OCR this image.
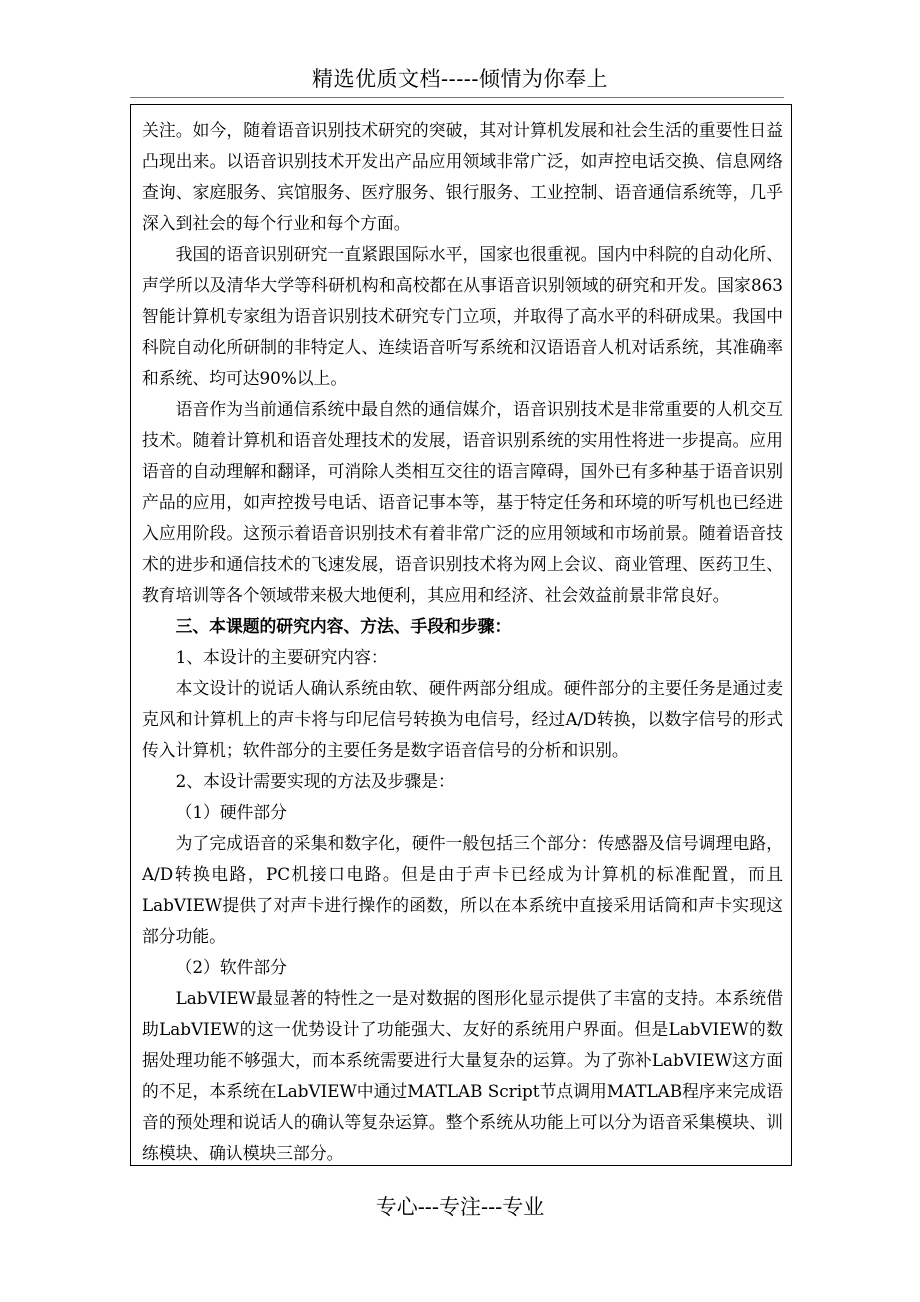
精选优质文档-----倾情为你奉上

关注。如今，随着语音识别技术研究的突破，其对计算机发展和社会生活的重要性日益凸现出来。以语音识别技术开发出产品应用领域非常广泛，如声控电话交换、信息网络查询、家庭服务、宾馆服务、医疗服务、银行服务、工业控制、语音通信系统等，几乎深入到社会的每个行业和每个方面。

我国的语音识别研究一直紧跟国际水平，国家也很重视。国内中科院的自动化所、声学所以及清华大学等科研机构和高校都在从事语音识别领域的研究和开发。国家863智能计算机专家组为语音识别技术研究专门立项，并取得了高水平的科研成果。我国中科院自动化所研制的非特定人、连续语音听写系统和汉语语音人机对话系统，其准确率和系统、均可达90%以上。

语音作为当前通信系统中最自然的通信媒介，语音识别技术是非常重要的人机交互技术。随着计算机和语音处理技术的发展，语音识别系统的实用性将进一步提高。应用语音的自动理解和翻译，可消除人类相互交往的语言障碍，国外已有多种基于语音识别产品的应用，如声控拨号电话、语音记事本等，基于特定任务和环境的听写机也已经进入应用阶段。这预示着语音识别技术有着非常广泛的应用领域和市场前景。随着语音技术的进步和通信技术的飞速发展，语音识别技术将为网上会议、商业管理、医药卫生、教育培训等各个领域带来极大地便利，其应用和经济、社会效益前景非常良好。

三、本课题的研究内容、方法、手段和步骤：

1、本设计的主要研究内容：

本文设计的说话人确认系统由软、硬件两部分组成。硬件部分的主要任务是通过麦克风和计算机上的声卡将与印尼信号转换为电信号，经过A/D转换，以数字信号的形式传入计算机；软件部分的主要任务是数字语音信号的分析和识别。

2、本设计需要实现的方法及步骤是：

（1）硬件部分

为了完成语音的采集和数字化，硬件一般包括三个部分：传感器及信号调理电路，A/D转换电路，PC机接口电路。但是由于声卡已经成为计算机的标准配置，而且LabVIEW提供了对声卡进行操作的函数，所以在本系统中直接采用话筒和声卡实现这部分功能。

（2）软件部分

LabVIEW最显著的特性之一是对数据的图形化显示提供了丰富的支持。本系统借助LabVIEW的这一优势设计了功能强大、友好的系统用户界面。但是LabVIEW的数据处理功能不够强大，而本系统需要进行大量复杂的运算。为了弥补LabVIEW这方面的不足，本系统在LabVIEW中通过MATLAB Script节点调用MATLAB程序来完成语音的预处理和说话人的确认等复杂运算。整个系统从功能上可以分为语音采集模块、训练模块、确认模块三部分。

专心---专注---专业
